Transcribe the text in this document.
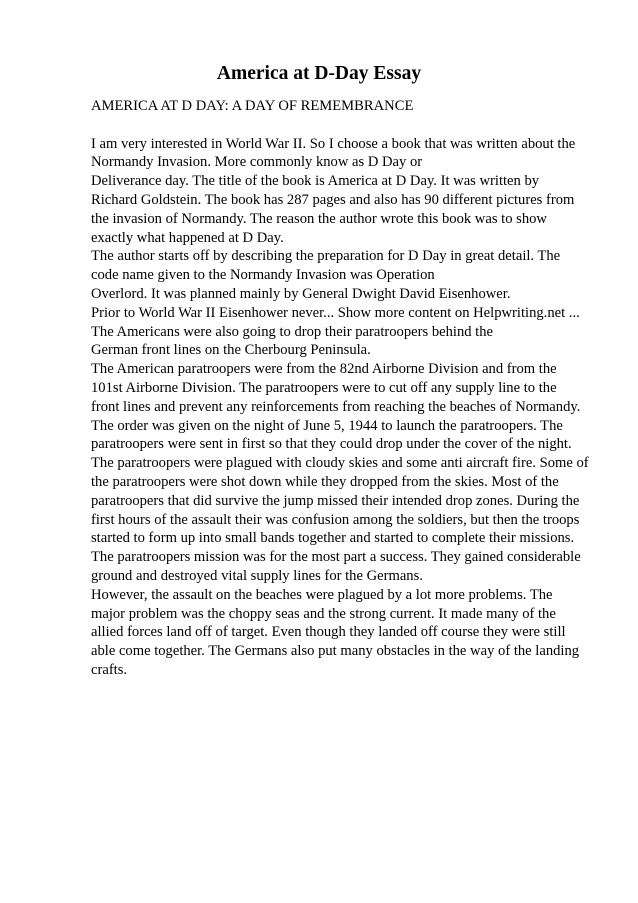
America at D-Day Essay
AMERICA AT D DAY: A DAY OF REMEMBRANCE
I am very interested in World War II. So I choose a book that was written about the
Normandy Invasion. More commonly know as D Day or
Deliverance day. The title of the book is America at D Day. It was written by
Richard Goldstein. The book has 287 pages and also has 90 different pictures from
the invasion of Normandy. The reason the author wrote this book was to show
exactly what happened at D Day.
The author starts off by describing the preparation for D Day in great detail. The
code name given to the Normandy Invasion was Operation
Overlord. It was planned mainly by General Dwight David Eisenhower.
Prior to World War II Eisenhower never... Show more content on Helpwriting.net ...
The Americans were also going to drop their paratroopers behind the
German front lines on the Cherbourg Peninsula.
The American paratroopers were from the 82nd Airborne Division and from the
101st Airborne Division. The paratroopers were to cut off any supply line to the
front lines and prevent any reinforcements from reaching the beaches of Normandy.
The order was given on the night of June 5, 1944 to launch the paratroopers. The
paratroopers were sent in first so that they could drop under the cover of the night.
The paratroopers were plagued with cloudy skies and some anti aircraft fire. Some of
the paratroopers were shot down while they dropped from the skies. Most of the
paratroopers that did survive the jump missed their intended drop zones. During the
first hours of the assault their was confusion among the soldiers, but then the troops
started to form up into small bands together and started to complete their missions.
The paratroopers mission was for the most part a success. They gained considerable
ground and destroyed vital supply lines for the Germans.
However, the assault on the beaches were plagued by a lot more problems. The
major problem was the choppy seas and the strong current. It made many of the
allied forces land off of target. Even though they landed off course they were still
able come together. The Germans also put many obstacles in the way of the landing
crafts.
